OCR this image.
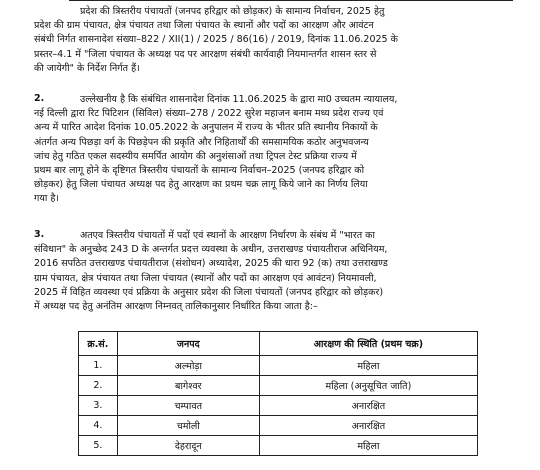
प्रदेश की त्रिस्तरीय पंचायतों (जनपद हरिद्वार को छोड़कर) के सामान्य निर्वाचन, 2025 हेतु
प्रदेश की ग्राम पंचायत, क्षेत्र पंचायत तथा जिला पंचायत के स्थानों और पदों का आरक्षण और आवंटन
संबंधी निर्गत शासनादेश संख्या–822 / XII(1) / 2025 / 86(16) / 2019, दिनांक 11.06.2025 के
प्रस्तर–4.1 में "जिला पंचायत के अध्यक्ष पद पर आरक्षण संबंधी कार्यवाही नियमान्तर्गत शासन स्तर से
की जायेगी" के निर्देश निर्गत हैं।
2.	उल्लेखनीय है कि संबंधित शासनादेश दिनांक 11.06.2025 के द्वारा मा0 उच्चतम न्यायालय,
नई दिल्ली द्वारा रिट पिटिशन (सिविल) संख्या–278 / 2022 सुरेश महाजन बनाम मध्य प्रदेश राज्य एवं
अन्य में पारित आदेश दिनांक 10.05.2022 के अनुपालन में राज्य के भीतर प्रति स्थानीय निकायों के
अंतर्गत अन्य पिछड़ा वर्ग के पिछड़ेपन की प्रकृति और निहितार्थों की समसामयिक कठोर अनुभवजन्य
जांच हेतु गठित एकल सदस्यीय समर्पित आयोग की अनुशंसाओं तथा ट्रिपल टेस्ट प्रक्रिया राज्य में
प्रथम बार लागू होने के दृष्टिगत त्रिस्तरीय पंचायतों के सामान्य निर्वाचन–2025 (जनपद हरिद्वार को
छोड़कर) हेतु जिला पंचायत अध्यक्ष पद हेतु आरक्षण का प्रथम चक्र लागू किये जाने का निर्णय लिया
गया है।
3.	अतएव त्रिस्तरीय पंचायतों में पदों एवं स्थानों के आरक्षण निर्धारण के संबंध में "भारत का
संविधान" के अनुच्छेद 243 D के अन्तर्गत प्रदत्त व्यवस्था के अधीन, उत्तराखण्ड पंचायतीराज अधिनियम,
2016 सपठित उत्तराखण्ड पंचायतीराज (संशोधन) अध्यादेश, 2025 की धारा 92 (क) तथा उत्तराखण्ड
ग्राम पंचायत, क्षेत्र पंचायत तथा जिला पंचायत (स्थानों और पदों का आरक्षण एवं आवंटन) नियमावली,
2025 में विहित व्यवस्था एवं प्रक्रिया के अनुसार प्रदेश की जिला पंचायतों (जनपद हरिद्वार को छोड़कर)
में अध्यक्ष पद हेतु अनंतिम आरक्षण निम्नवत् तालिकानुसार निर्धारित किया जाता है:–
क्र.सं.	जनपद	आरक्षण की स्थिति (प्रथम चक्र)
1.	अल्मोड़ा	महिला
2.	बागेश्वर	महिला (अनुसूचित जाति)
3.	चम्पावत	अनारक्षित
4.	चमोली	अनारक्षित
5.	देहरादून	महिला
